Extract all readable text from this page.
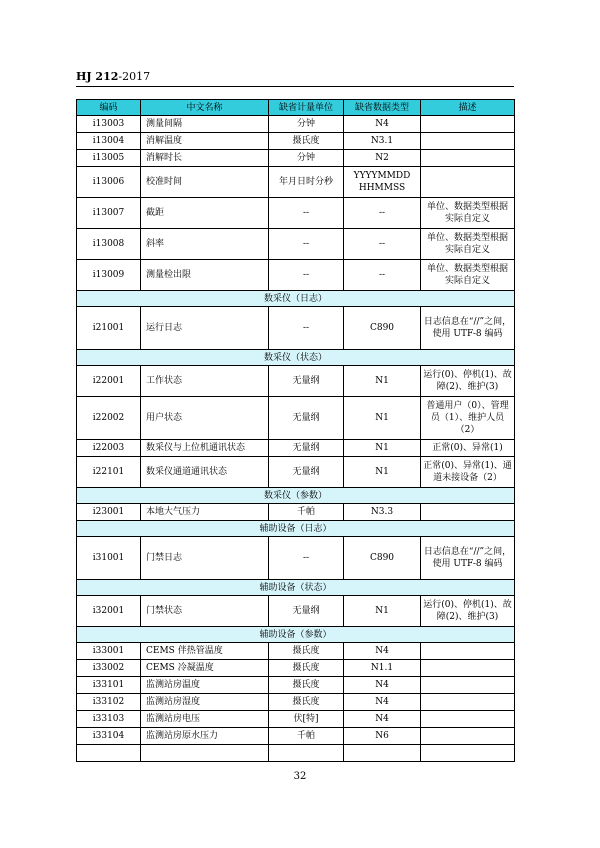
HJ 212-2017
编码	中文名称	缺省计量单位	缺省数据类型	描述
i13003	测量间隔	分钟	N4	
i13004	消解温度	摄氏度	N3.1	
i13005	消解时长	分钟	N2	
i13006	校准时间	年月日时分秒	YYYYMMDDHHMMSS	
i13007	截距	--	--	单位、数据类型根据实际自定义
i13008	斜率	--	--	单位、数据类型根据实际自定义
i13009	测量检出限	--	--	单位、数据类型根据实际自定义
数采仪（日志）				
i21001	运行日志	--	C890	日志信息在“//”之间，使用 UTF-8 编码
数采仪（状态）				
i22001	工作状态	无量纲	N1	运行(0)、停机(1)、故障(2)、维护(3)
i22002	用户状态	无量纲	N1	普通用户（0）、管理员（1）、维护人员（2）
i22003	数采仪与上位机通讯状态	无量纲	N1	正常(0)、异常(1)
i22101	数采仪通道通讯状态	无量纲	N1	正常(0)、异常(1)、通道未接设备（2）
数采仪（参数）				
i23001	本地大气压力	千帕	N3.3	
辅助设备（日志）				
i31001	门禁日志	--	C890	日志信息在“//”之间，使用 UTF-8 编码
辅助设备（状态）				
i32001	门禁状态	无量纲	N1	运行(0)、停机(1)、故障(2)、维护(3)
辅助设备（参数）				
i33001	CEMS 伴热管温度	摄氏度	N4	
i33002	CEMS 冷凝温度	摄氏度	N1.1	
i33101	监测站房温度	摄氏度	N4	
i33102	监测站房湿度	摄氏度	N4	
i33103	监测站房电压	伏[特]	N4	
i33104	监测站房原水压力	千帕	N6	

32
